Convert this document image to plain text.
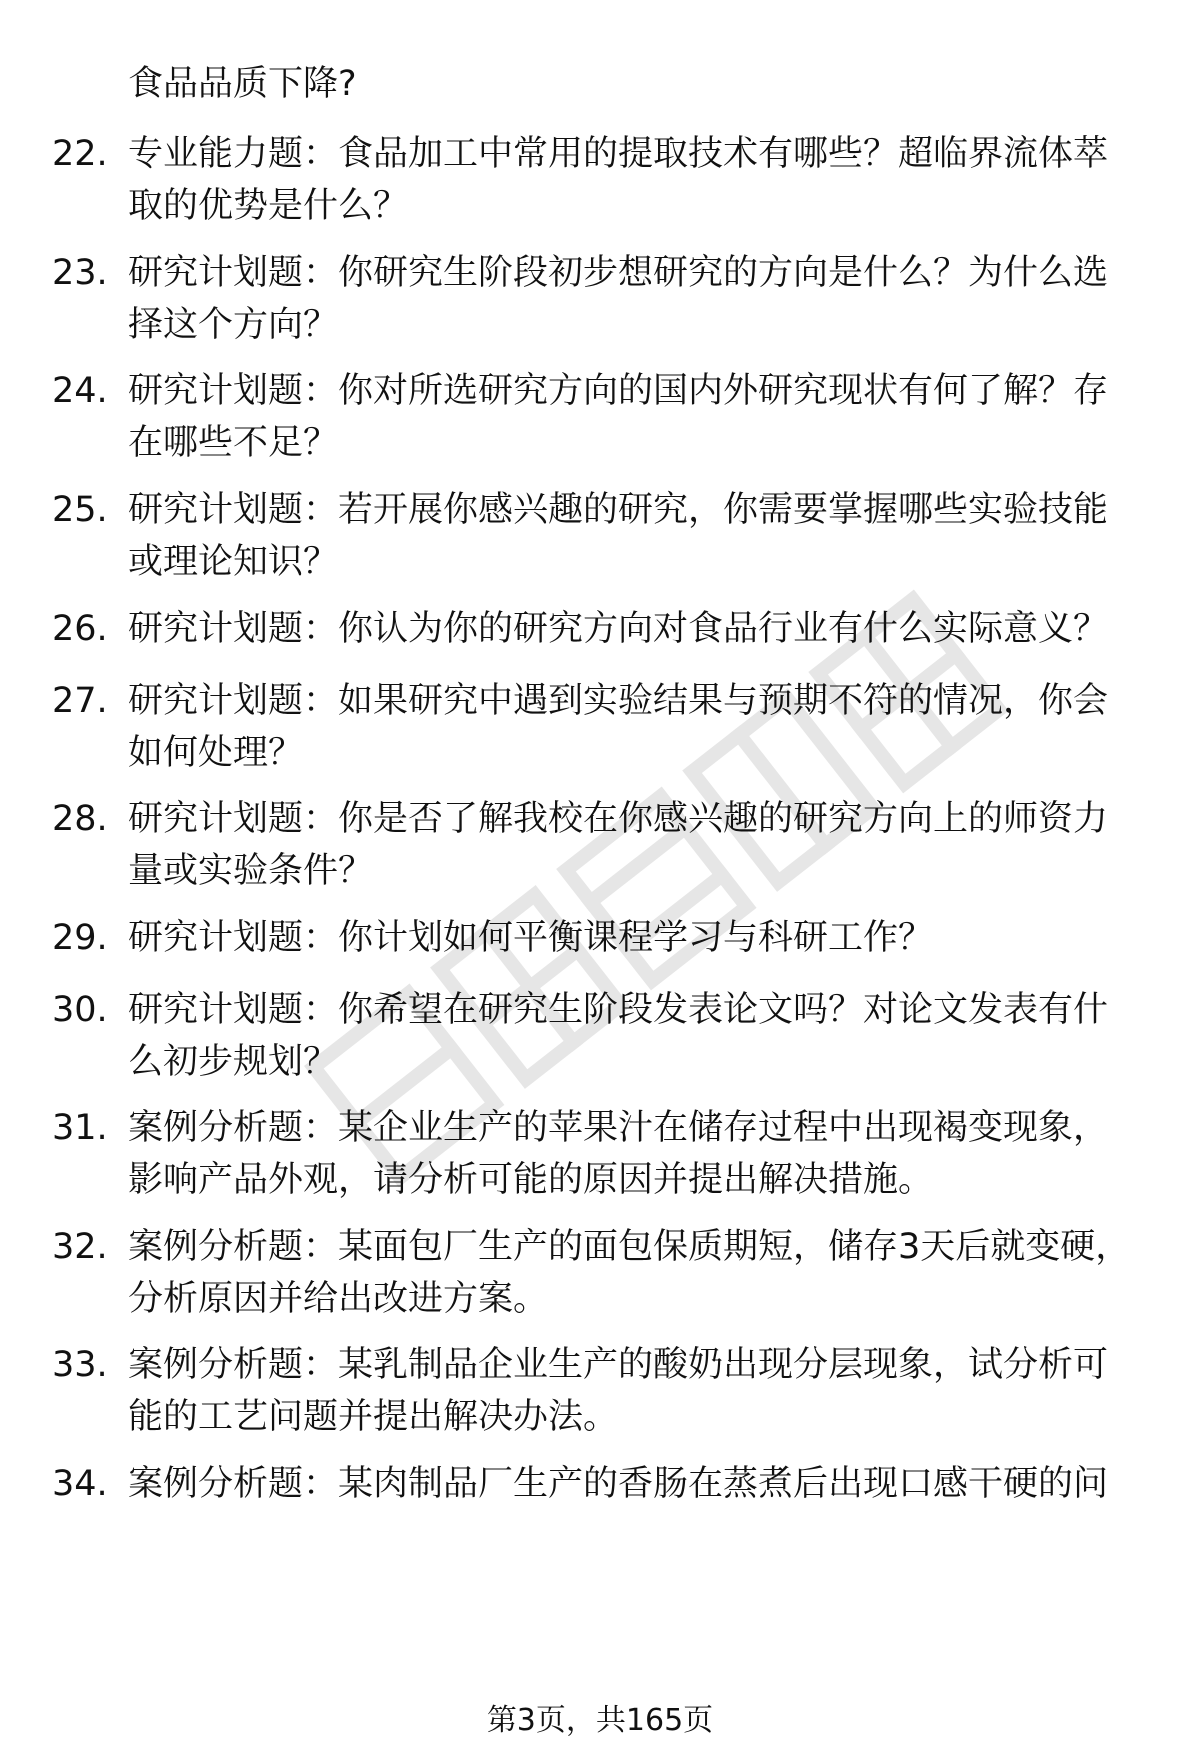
食品品质下降?
22. 专业能力题：食品加工中常用的提取技术有哪些？超临界流体萃取的优势是什么？
23. 研究计划题：你研究生阶段初步想研究的方向是什么？为什么选择这个方向？
24. 研究计划题：你对所选研究方向的国内外研究现状有何了解？存在哪些不足？
25. 研究计划题：若开展你感兴趣的研究，你需要掌握哪些实验技能或理论知识？
26. 研究计划题：你认为你的研究方向对食品行业有什么实际意义？
27. 研究计划题：如果研究中遇到实验结果与预期不符的情况，你会如何处理？
28. 研究计划题：你是否了解我校在你感兴趣的研究方向上的师资力量或实验条件？
29. 研究计划题：你计划如何平衡课程学习与科研工作？
30. 研究计划题：你希望在研究生阶段发表论文吗？对论文发表有什么初步规划？
31. 案例分析题：某企业生产的苹果汁在储存过程中出现褐变现象，影响产品外观，请分析可能的原因并提出解决措施。
32. 案例分析题：某面包厂生产的面包保质期短，储存3天后就变硬，分析原因并给出改进方案。
33. 案例分析题：某乳制品企业生产的酸奶出现分层现象，试分析可能的工艺问题并提出解决办法。
34. 案例分析题：某肉制品厂生产的香肠在蒸煮后出现口感干硬的问
第3页，共165页
